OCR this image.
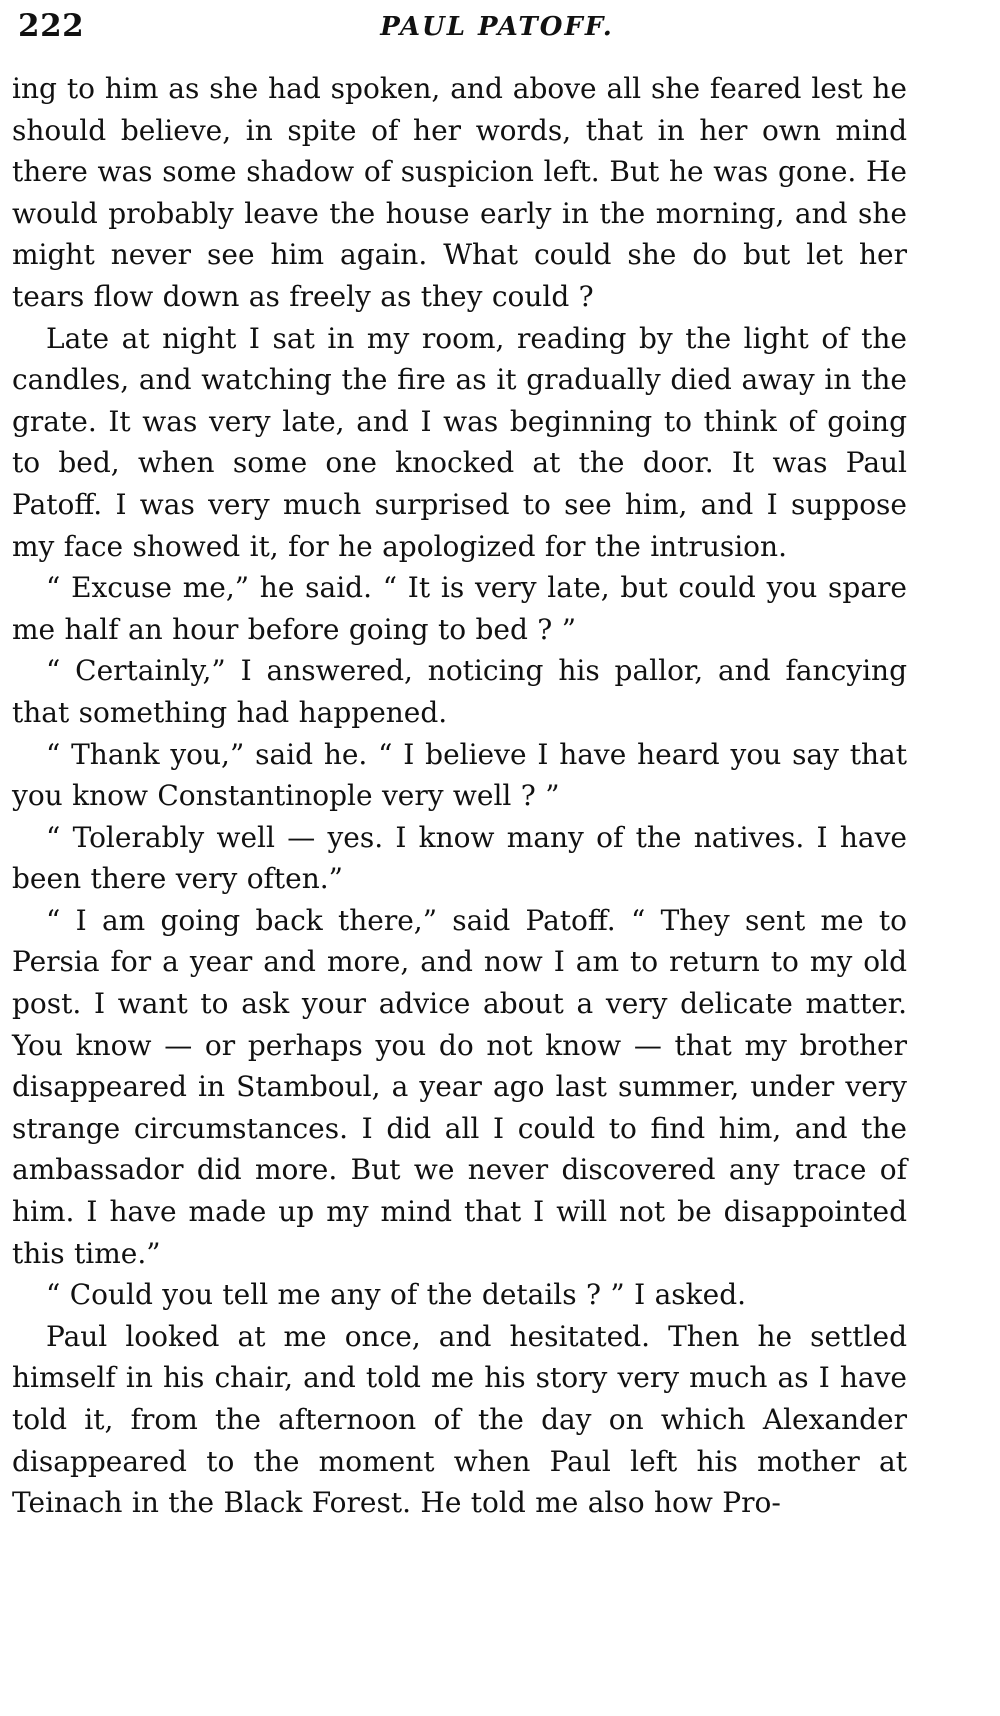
222	PAUL PATOFF.

ing to him as she had spoken, and above all she feared lest he should believe, in spite of her words, that in her own mind there was some shadow of suspicion left. But he was gone. He would probably leave the house early in the morning, and she might never see him again. What could she do but let her tears flow down as freely as they could ?

Late at night I sat in my room, reading by the light of the candles, and watching the fire as it gradually died away in the grate. It was very late, and I was beginning to think of going to bed, when some one knocked at the door. It was Paul Patoff. I was very much surprised to see him, and I suppose my face showed it, for he apologized for the intrusion.

“ Excuse me,” he said. “ It is very late, but could you spare me half an hour before going to bed ? ”

“ Certainly,” I answered, noticing his pallor, and fancying that something had happened.

“ Thank you,” said he. “ I believe I have heard you say that you know Constantinople very well ? ”

“ Tolerably well — yes. I know many of the natives. I have been there very often.”

“ I am going back there,” said Patoff. “ They sent me to Persia for a year and more, and now I am to return to my old post. I want to ask your advice about a very delicate matter. You know — or perhaps you do not know — that my brother disappeared in Stamboul, a year ago last summer, under very strange circumstances. I did all I could to find him, and the ambassador did more. But we never discovered any trace of him. I have made up my mind that I will not be disappointed this time.”

“ Could you tell me any of the details ? ” I asked.

Paul looked at me once, and hesitated. Then he settled himself in his chair, and told me his story very much as I have told it, from the afternoon of the day on which Alexander disappeared to the moment when Paul left his mother at Teinach in the Black Forest. He told me also how Pro-
